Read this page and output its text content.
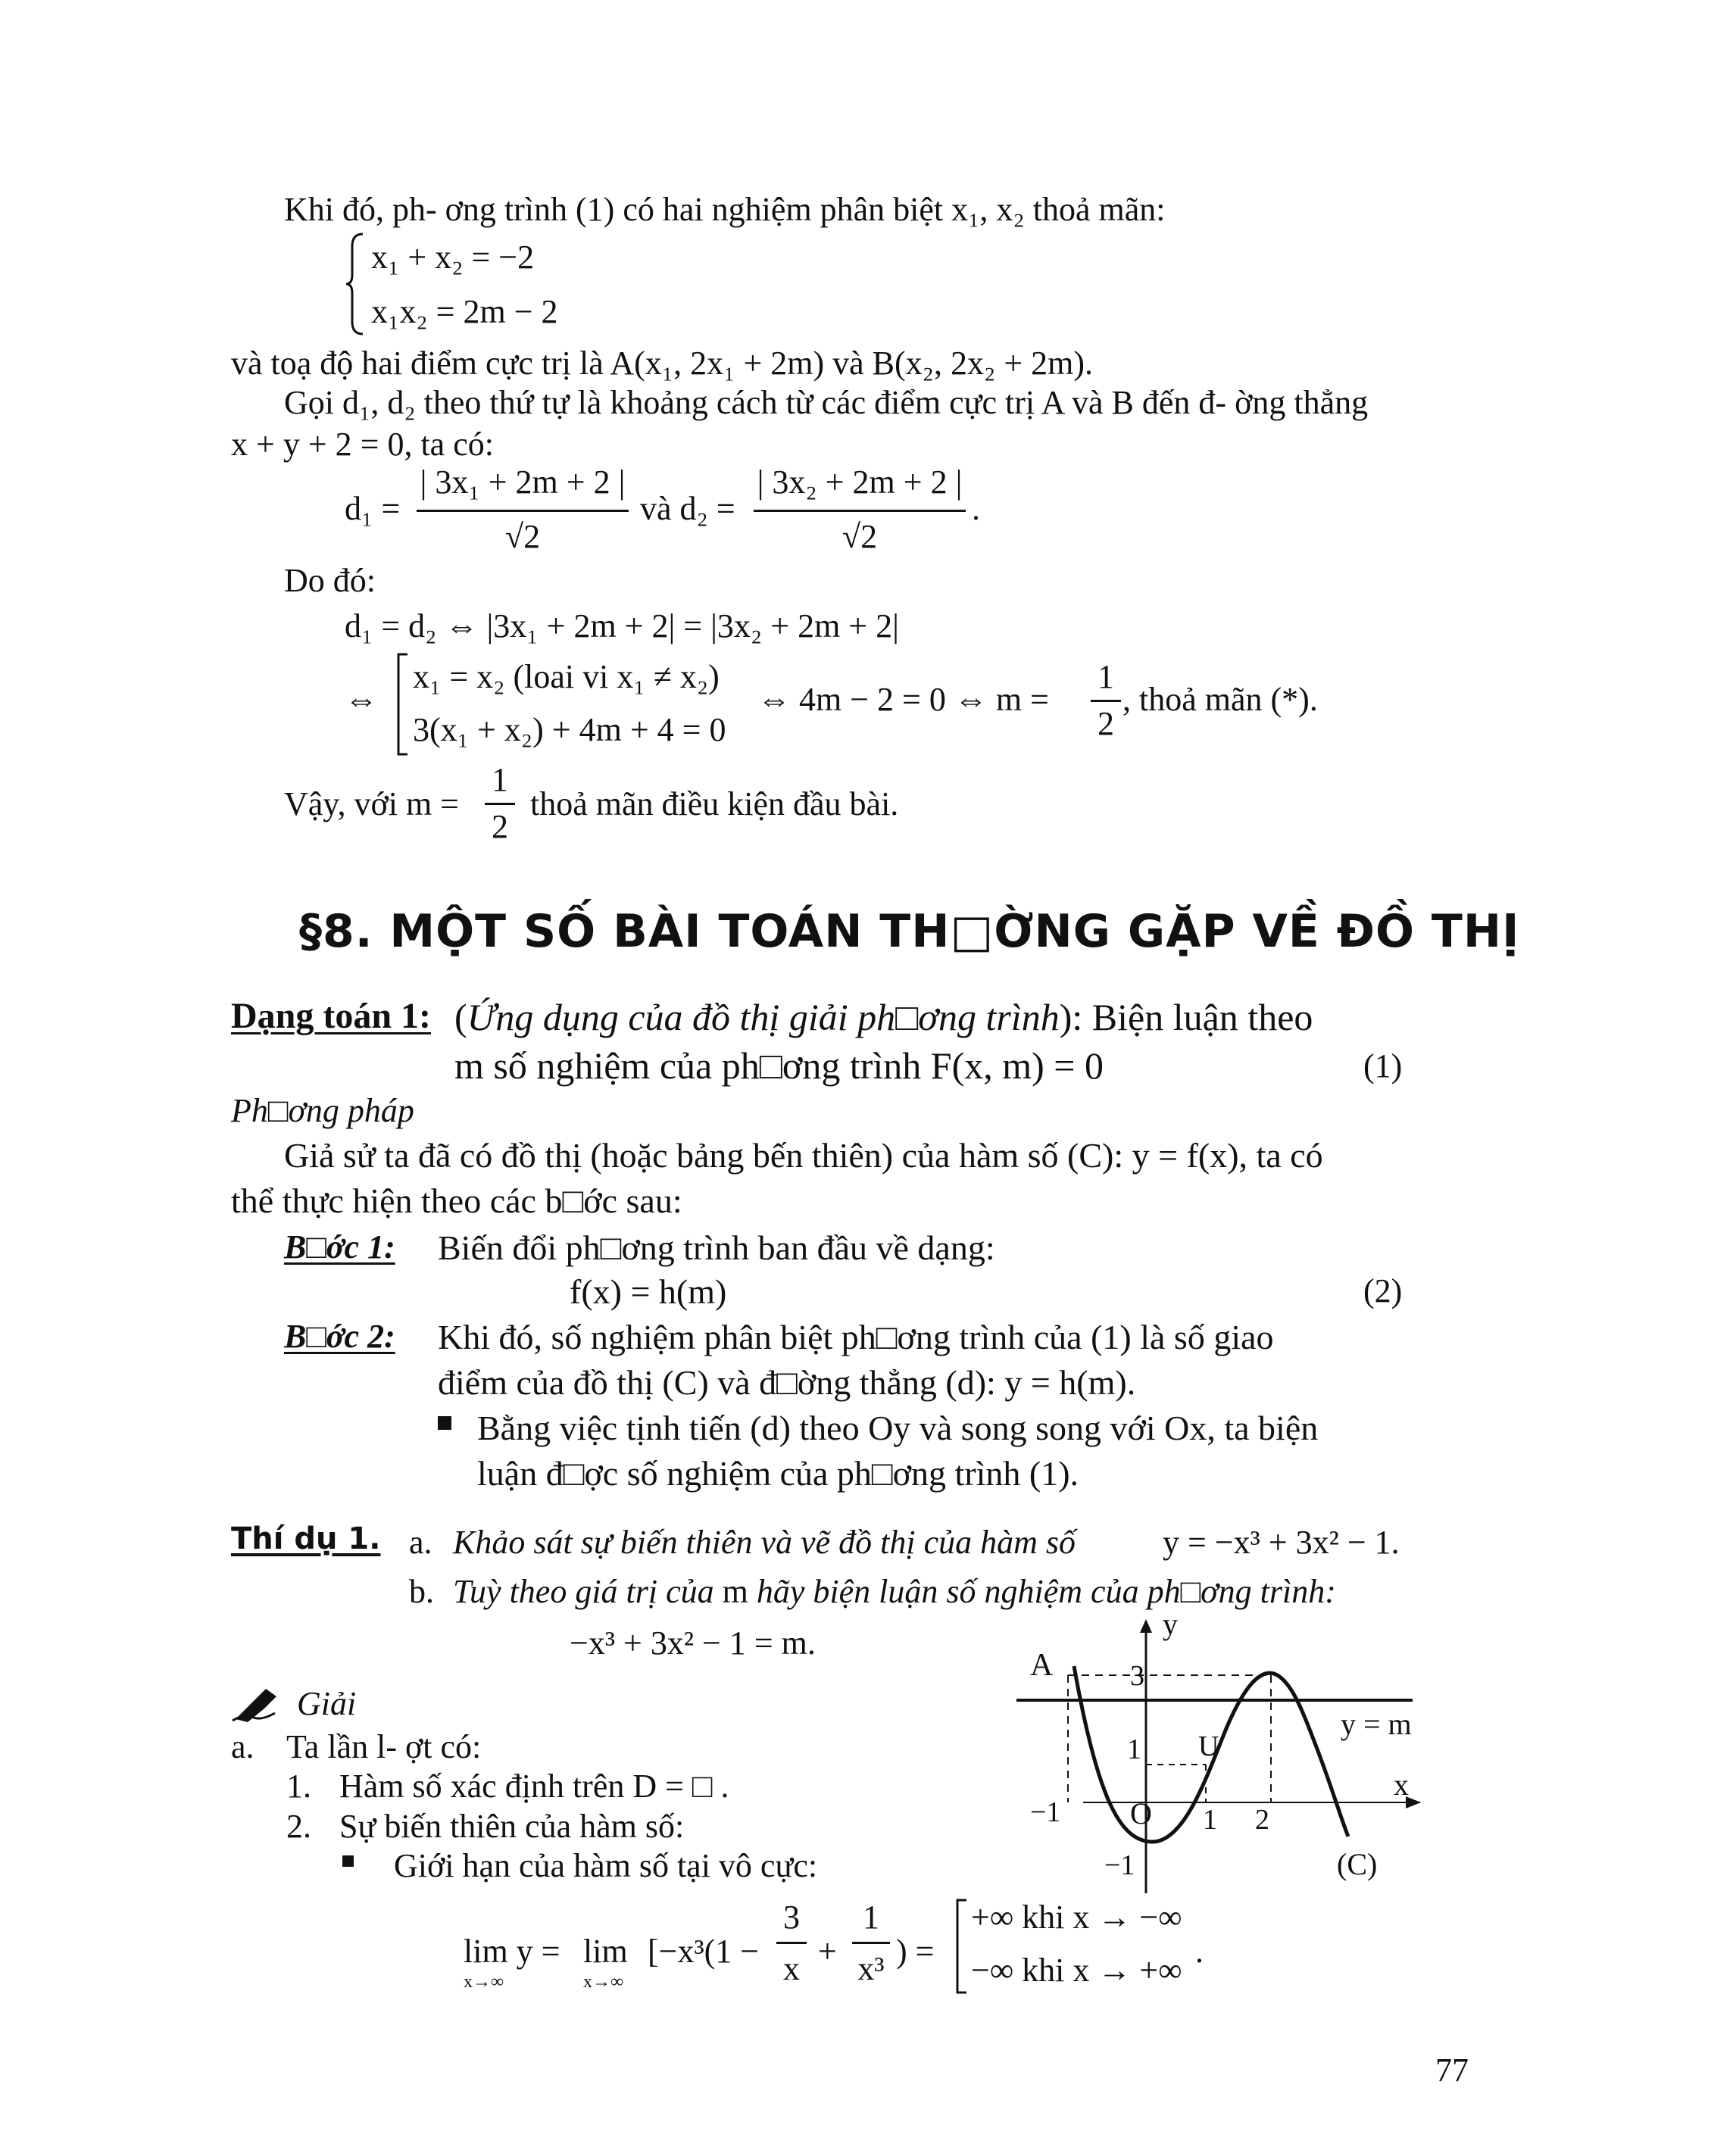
Khi đó, ph- ơng trình (1) có hai nghiệm phân biệt x₁, x₂ thoả mãn:
x₁ + x₂ = −2
x₁x₂ = 2m − 2
và toạ độ hai điểm cực trị là A(x₁, 2x₁ + 2m) và B(x₂, 2x₂ + 2m).
Gọi d₁, d₂ theo thứ tự là khoảng cách từ các điểm cực trị A và B đến đ- ờng thẳng
x + y + 2 = 0, ta có:
d₁ =
| 3x₁ + 2m + 2 |
√2
và d₂ =
| 3x₂ + 2m + 2 |
√2
.
Do đó:
d₁ = d₂ ⇔ |3x₁ + 2m + 2| = |3x₂ + 2m + 2|
⇔
x₁ = x₂ (loai vi x₁ ≠ x₂)
3(x₁ + x₂) + 4m + 4 = 0
⇔ 4m − 2 = 0 ⇔ m =
1
2
, thoả mãn (*).
Vậy, với m =
1
2
thoả mãn điều kiện đầu bài.
§8. MỘT SỐ BÀI TOÁN TH□ỜNG GẶP VỀ ĐỒ THỊ
Dạng toán 1: (Ứng dụng của đồ thị giải ph□ơng trình): Biện luận theo
m số nghiệm của ph□ơng trình F(x, m) = 0	(1)
Ph□ơng pháp
Giả sử ta đã có đồ thị (hoặc bảng bến thiên) của hàm số (C): y = f(x), ta có
thể thực hiện theo các b□ớc sau:
B□ớc 1: Biến đổi ph□ơng trình ban đầu về dạng:
f(x) = h(m)	(2)
B□ớc 2: Khi đó, số nghiệm phân biệt ph□ơng trình của (1) là số giao
điểm của đồ thị (C) và đ□ờng thẳng (d): y = h(m).
Bằng việc tịnh tiến (d) theo Oy và song song với Ox, ta biện
luận đ□ợc số nghiệm của ph□ơng trình (1).
Thí dụ 1. a. Khảo sát sự biến thiên và vẽ đồ thị của hàm số	y = −x³ + 3x² − 1.
b. Tuỳ theo giá trị của m hãy biện luận số nghiệm của ph□ơng trình:
−x³ + 3x² − 1 = m.
Giải
a. Ta lần l- ợt có:
1. Hàm số xác định trên D = □ .
2. Sự biến thiên của hàm số:
Giới hạn của hàm số tại vô cực:
lim y =
x→∞
lim
x→∞
[−x³(1 −
3
x +
1
x³ ) =
+∞ khi x → −∞
−∞ khi x → +∞
.
y
x
A	3
1 U
−1 O 1 2
−1
y = m
(C)
77
